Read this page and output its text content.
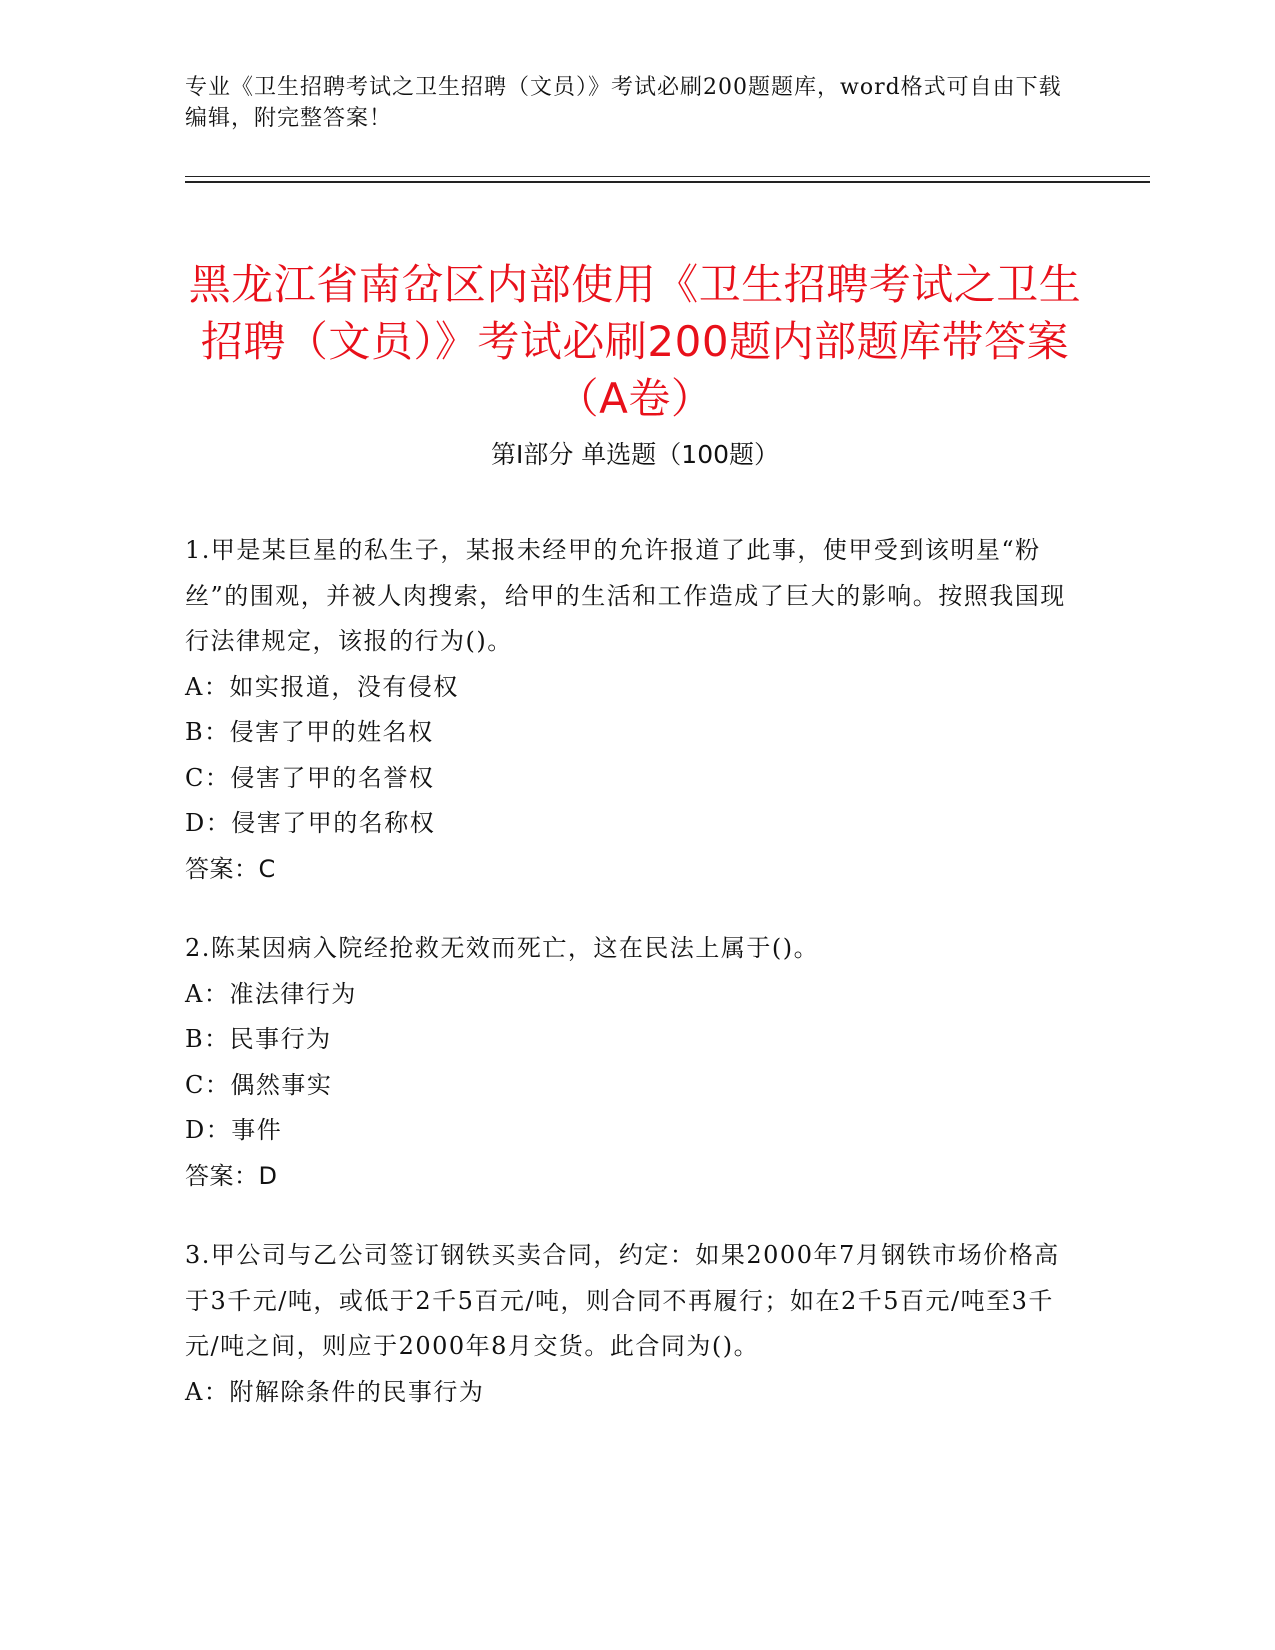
专业《卫生招聘考试之卫生招聘（文员）》考试必刷200题题库，word格式可自由下载编辑，附完整答案！
黑龙江省南岔区内部使用《卫生招聘考试之卫生招聘（文员）》考试必刷200题内部题库带答案（A卷）
第Ⅰ部分 单选题（100题）
1.甲是某巨星的私生子，某报未经甲的允许报道了此事，使甲受到该明星“粉丝”的围观，并被人肉搜索，给甲的生活和工作造成了巨大的影响。按照我国现行法律规定，该报的行为()。
A：如实报道，没有侵权
B：侵害了甲的姓名权
C：侵害了甲的名誉权
D：侵害了甲的名称权
答案：C
2.陈某因病入院经抢救无效而死亡，这在民法上属于()。
A：准法律行为
B：民事行为
C：偶然事实
D：事件
答案：D
3.甲公司与乙公司签订钢铁买卖合同，约定：如果2000年7月钢铁市场价格高于3千元/吨，或低于2千5百元/吨，则合同不再履行；如在2千5百元/吨至3千元/吨之间，则应于2000年8月交货。此合同为()。
A：附解除条件的民事行为
